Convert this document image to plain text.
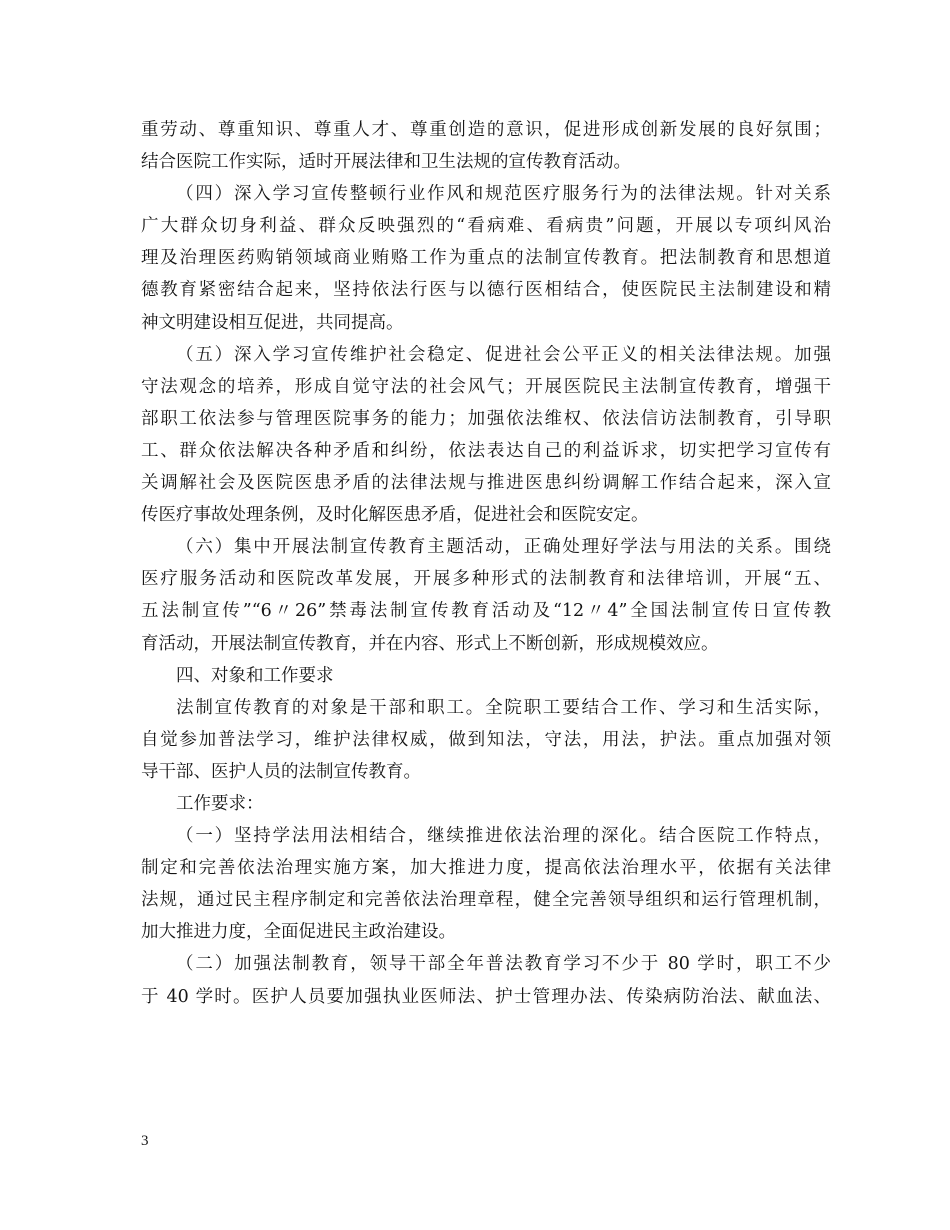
重劳动、尊重知识、尊重人才、尊重创造的意识，促进形成创新发展的良好氛围；
结合医院工作实际，适时开展法律和卫生法规的宣传教育活动。
（四）深入学习宣传整顿行业作风和规范医疗服务行为的法律法规。针对关系
广大群众切身利益、群众反映强烈的“看病难、看病贵”问题，开展以专项纠风治
理及治理医药购销领域商业贿赂工作为重点的法制宣传教育。把法制教育和思想道
德教育紧密结合起来，坚持依法行医与以德行医相结合，使医院民主法制建设和精
神文明建设相互促进，共同提高。
（五）深入学习宣传维护社会稳定、促进社会公平正义的相关法律法规。加强
守法观念的培养，形成自觉守法的社会风气；开展医院民主法制宣传教育，增强干
部职工依法参与管理医院事务的能力；加强依法维权、依法信访法制教育，引导职
工、群众依法解决各种矛盾和纠纷，依法表达自己的利益诉求，切实把学习宣传有
关调解社会及医院医患矛盾的法律法规与推进医患纠纷调解工作结合起来，深入宣
传医疗事故处理条例，及时化解医患矛盾，促进社会和医院安定。
（六）集中开展法制宣传教育主题活动，正确处理好学法与用法的关系。围绕
医疗服务活动和医院改革发展，开展多种形式的法制教育和法律培训，开展“五、
五法制宣传”“6〃26”禁毒法制宣传教育活动及“12〃4”全国法制宣传日宣传教
育活动，开展法制宣传教育，并在内容、形式上不断创新，形成规模效应。
四、对象和工作要求
法制宣传教育的对象是干部和职工。全院职工要结合工作、学习和生活实际，
自觉参加普法学习，维护法律权威，做到知法，守法，用法，护法。重点加强对领
导干部、医护人员的法制宣传教育。
工作要求：
（一）坚持学法用法相结合，继续推进依法治理的深化。结合医院工作特点，
制定和完善依法治理实施方案，加大推进力度，提高依法治理水平，依据有关法律
法规，通过民主程序制定和完善依法治理章程，健全完善领导组织和运行管理机制，
加大推进力度，全面促进民主政治建设。
（二）加强法制教育，领导干部全年普法教育学习不少于 80 学时，职工不少
于 40 学时。医护人员要加强执业医师法、护士管理办法、传染病防治法、献血法、
3
